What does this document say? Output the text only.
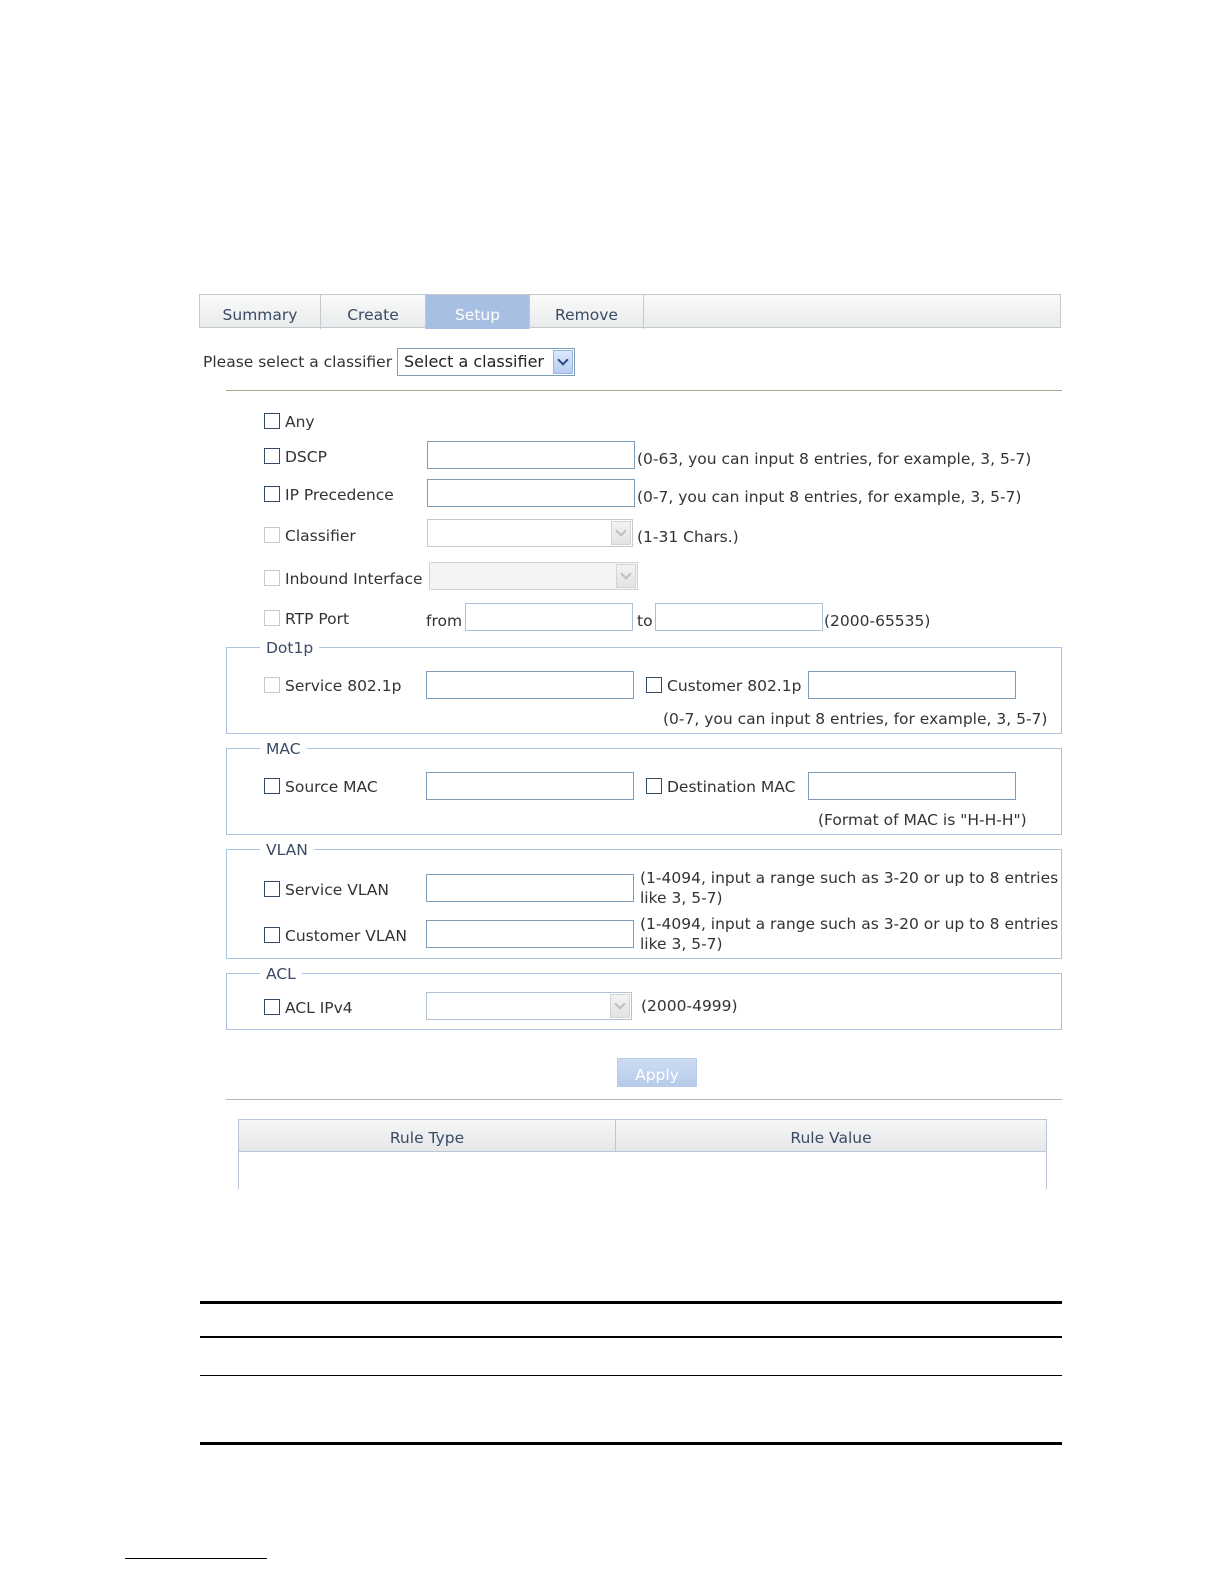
Summary	Create	Setup	Remove
Please select a classifier Select a classifier
Any
DSCP	(0-63, you can input 8 entries, for example, 3, 5-7)
IP Precedence	(0-7, you can input 8 entries, for example, 3, 5-7)
Classifier	(1-31 Chars.)
Inbound Interface
RTP Port	from	to	(2000-65535)
Dot1p
Service 802.1p	Customer 802.1p
(0-7, you can input 8 entries, for example, 3, 5-7)
MAC
Source MAC	Destination MAC
(Format of MAC is "H-H-H")
VLAN
Service VLAN
(1-4094, input a range such as 3-20 or up to 8 entries
like 3, 5-7)
Customer VLAN
(1-4094, input a range such as 3-20 or up to 8 entries
like 3, 5-7)
ACL
ACL IPv4	(2000-4999)
Apply
Rule Type	Rule Value
